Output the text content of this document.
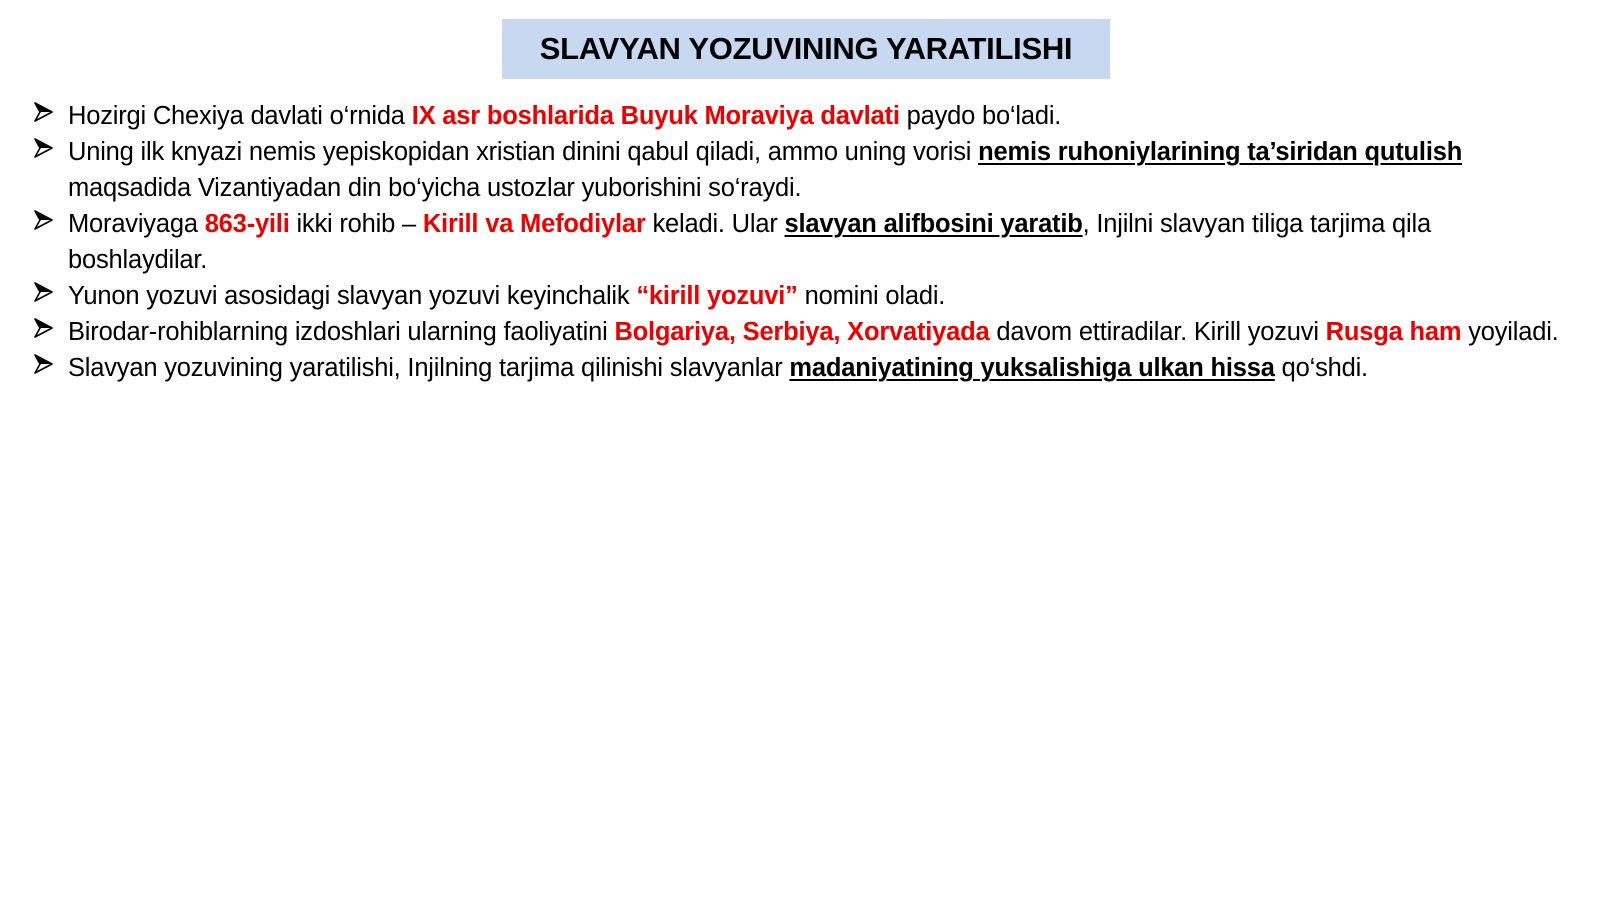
SLAVYAN YOZUVINING YARATILISHI
Hozirgi Chexiya davlati o‘rnida IX asr boshlarida Buyuk Moraviya davlati paydo bo‘ladi.
Uning ilk knyazi nemis yepiskopidan xristian dinini qabul qiladi, ammo uning vorisi nemis ruhoniylarining ta’siridan qutulish maqsadida Vizantiyadan din bo‘yicha ustozlar yuborishini so‘raydi.
Moraviyaga 863-yili ikki rohib – Kirill va Mefodiylar keladi. Ular slavyan alifbosini yaratib, Injilni slavyan tiliga tarjima qila boshlaydilar.
Yunon yozuvi asosidagi slavyan yozuvi keyinchalik “kirill yozuvi” nomini oladi.
Birodar-rohiblarning izdoshlari ularning faoliyatini Bolgariya, Serbiya, Xorvatiyada davom ettiradilar. Kirill yozuvi Rusga ham yoyiladi.
Slavyan yozuvining yaratilishi, Injilning tarjima qilinishi slavyanlar madaniyatining yuksalishiga ulkan hissa qo‘shdi.
